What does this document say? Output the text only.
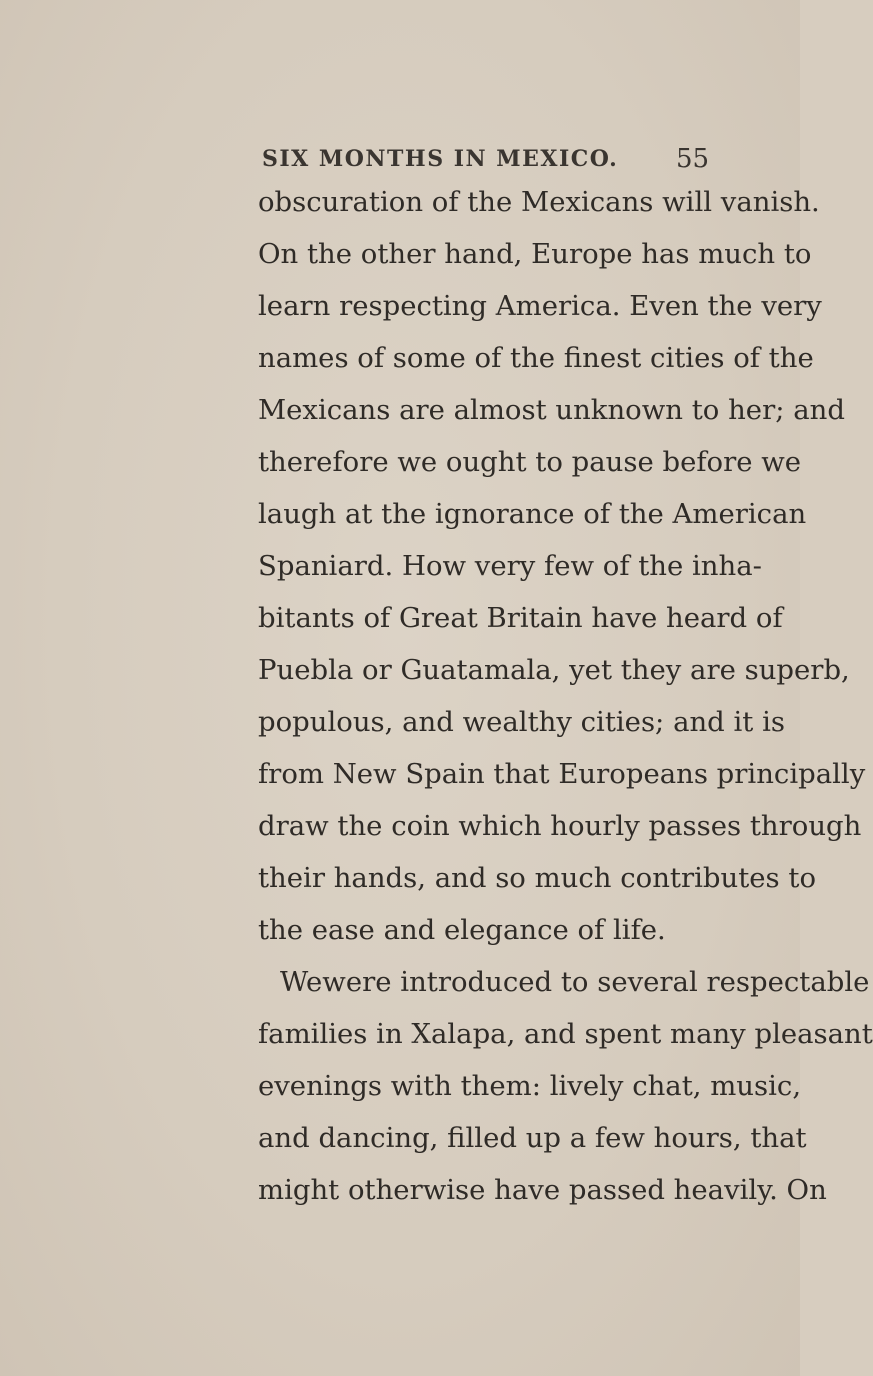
SIX MONTHS IN MEXICO. 55
obscuration of the Mexicans will vanish.
On the other hand, Europe has much to
learn respecting America. Even the very
names of some of the finest cities of the
Mexicans are almost unknown to her; and
therefore we ought to pause before we
laugh at the ignorance of the American
Spaniard. How very few of the inha-
bitants of Great Britain have heard of
Puebla or Guatamala, yet they are superb,
populous, and wealthy cities; and it is
from New Spain that Europeans principally
draw the coin which hourly passes through
their hands, and so much contributes to
the ease and elegance of life.
Wewere introduced to several respectable
families in Xalapa, and spent many pleasant
evenings with them: lively chat, music,
and dancing, filled up a few hours, that
might otherwise have passed heavily. On
